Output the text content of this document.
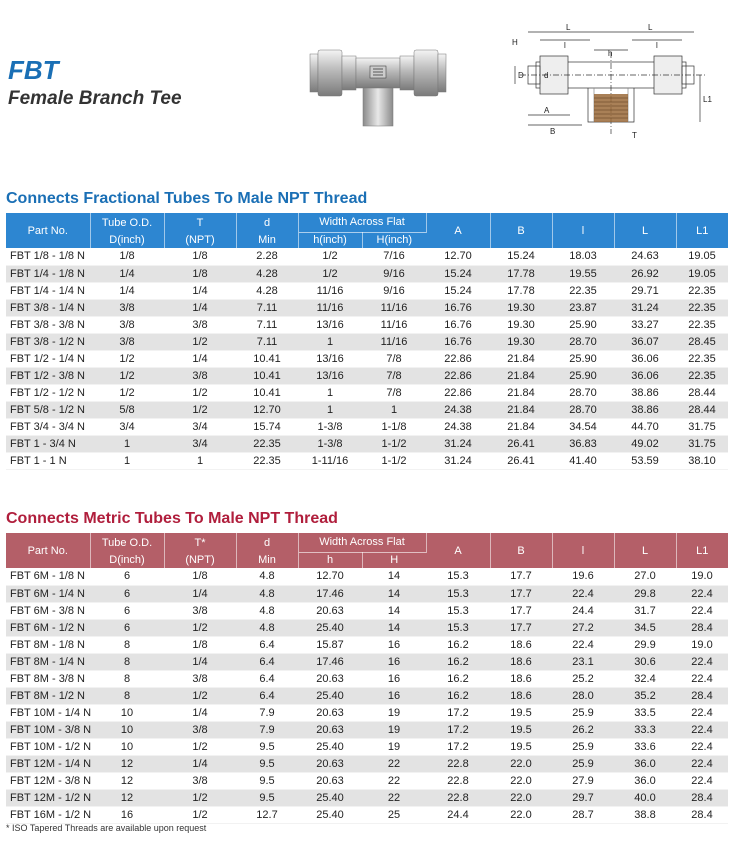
FBT
Female Branch Tee
H
L	L
l	l
h
D	d
L1
A
B	T
Connects Fractional Tubes To Male NPT Thread
Part No.	Tube O.D.	T	d	Width Across Flat		A	B	l	L	L1
	D(inch)	(NPT)	Min	h(inch)	H(inch)					
FBT 1/8 - 1/8 N	1/8	1/8	2.28	1/2	7/16	12.70	15.24	18.03	24.63	19.05
FBT 1/4 - 1/8 N	1/4	1/8	4.28	1/2	9/16	15.24	17.78	19.55	26.92	19.05
FBT 1/4 - 1/4 N	1/4	1/4	4.28	11/16	9/16	15.24	17.78	22.35	29.71	22.35
FBT 3/8 - 1/4 N	3/8	1/4	7.11	11/16	11/16	16.76	19.30	23.87	31.24	22.35
FBT 3/8 - 3/8 N	3/8	3/8	7.11	13/16	11/16	16.76	19.30	25.90	33.27	22.35
FBT 3/8 - 1/2 N	3/8	1/2	7.11	1	11/16	16.76	19.30	28.70	36.07	28.45
FBT 1/2 - 1/4 N	1/2	1/4	10.41	13/16	7/8	22.86	21.84	25.90	36.06	22.35
FBT 1/2 - 3/8 N	1/2	3/8	10.41	13/16	7/8	22.86	21.84	25.90	36.06	22.35
FBT 1/2 - 1/2 N	1/2	1/2	10.41	1	7/8	22.86	21.84	28.70	38.86	28.44
FBT 5/8 - 1/2 N	5/8	1/2	12.70	1	1	24.38	21.84	28.70	38.86	28.44
FBT 3/4 - 3/4 N	3/4	3/4	15.74	1-3/8	1-1/8	24.38	21.84	34.54	44.70	31.75
FBT 1 - 3/4 N	1	3/4	22.35	1-3/8	1-1/2	31.24	26.41	36.83	49.02	31.75
FBT 1 - 1 N	1	1	22.35	1-11/16	1-1/2	31.24	26.41	41.40	53.59	38.10
Connects Metric Tubes To Male NPT Thread
Part No.	Tube O.D.	T*	d	Width Across Flat		A	B	l	L	L1
	D(inch)	(NPT)	Min	h	H					
FBT 6M - 1/8 N	6	1/8	4.8	12.70	14	15.3	17.7	19.6	27.0	19.0
FBT 6M - 1/4 N	6	1/4	4.8	17.46	14	15.3	17.7	22.4	29.8	22.4
FBT 6M - 3/8 N	6	3/8	4.8	20.63	14	15.3	17.7	24.4	31.7	22.4
FBT 6M - 1/2 N	6	1/2	4.8	25.40	14	15.3	17.7	27.2	34.5	28.4
FBT 8M - 1/8 N	8	1/8	6.4	15.87	16	16.2	18.6	22.4	29.9	19.0
FBT 8M - 1/4 N	8	1/4	6.4	17.46	16	16.2	18.6	23.1	30.6	22.4
FBT 8M - 3/8 N	8	3/8	6.4	20.63	16	16.2	18.6	25.2	32.4	22.4
FBT 8M - 1/2 N	8	1/2	6.4	25.40	16	16.2	18.6	28.0	35.2	28.4
FBT 10M - 1/4 N	10	1/4	7.9	20.63	19	17.2	19.5	25.9	33.5	22.4
FBT 10M - 3/8 N	10	3/8	7.9	20.63	19	17.2	19.5	26.2	33.3	22.4
FBT 10M - 1/2 N	10	1/2	9.5	25.40	19	17.2	19.5	25.9	33.6	22.4
FBT 12M - 1/4 N	12	1/4	9.5	20.63	22	22.8	22.0	25.9	36.0	22.4
FBT 12M - 3/8 N	12	3/8	9.5	20.63	22	22.8	22.0	27.9	36.0	22.4
FBT 12M - 1/2 N	12	1/2	9.5	25.40	22	22.8	22.0	29.7	40.0	28.4
FBT 16M - 1/2 N	16	1/2	12.7	25.40	25	24.4	22.0	28.7	38.8	28.4
* ISO Tapered Threads are available upon request
